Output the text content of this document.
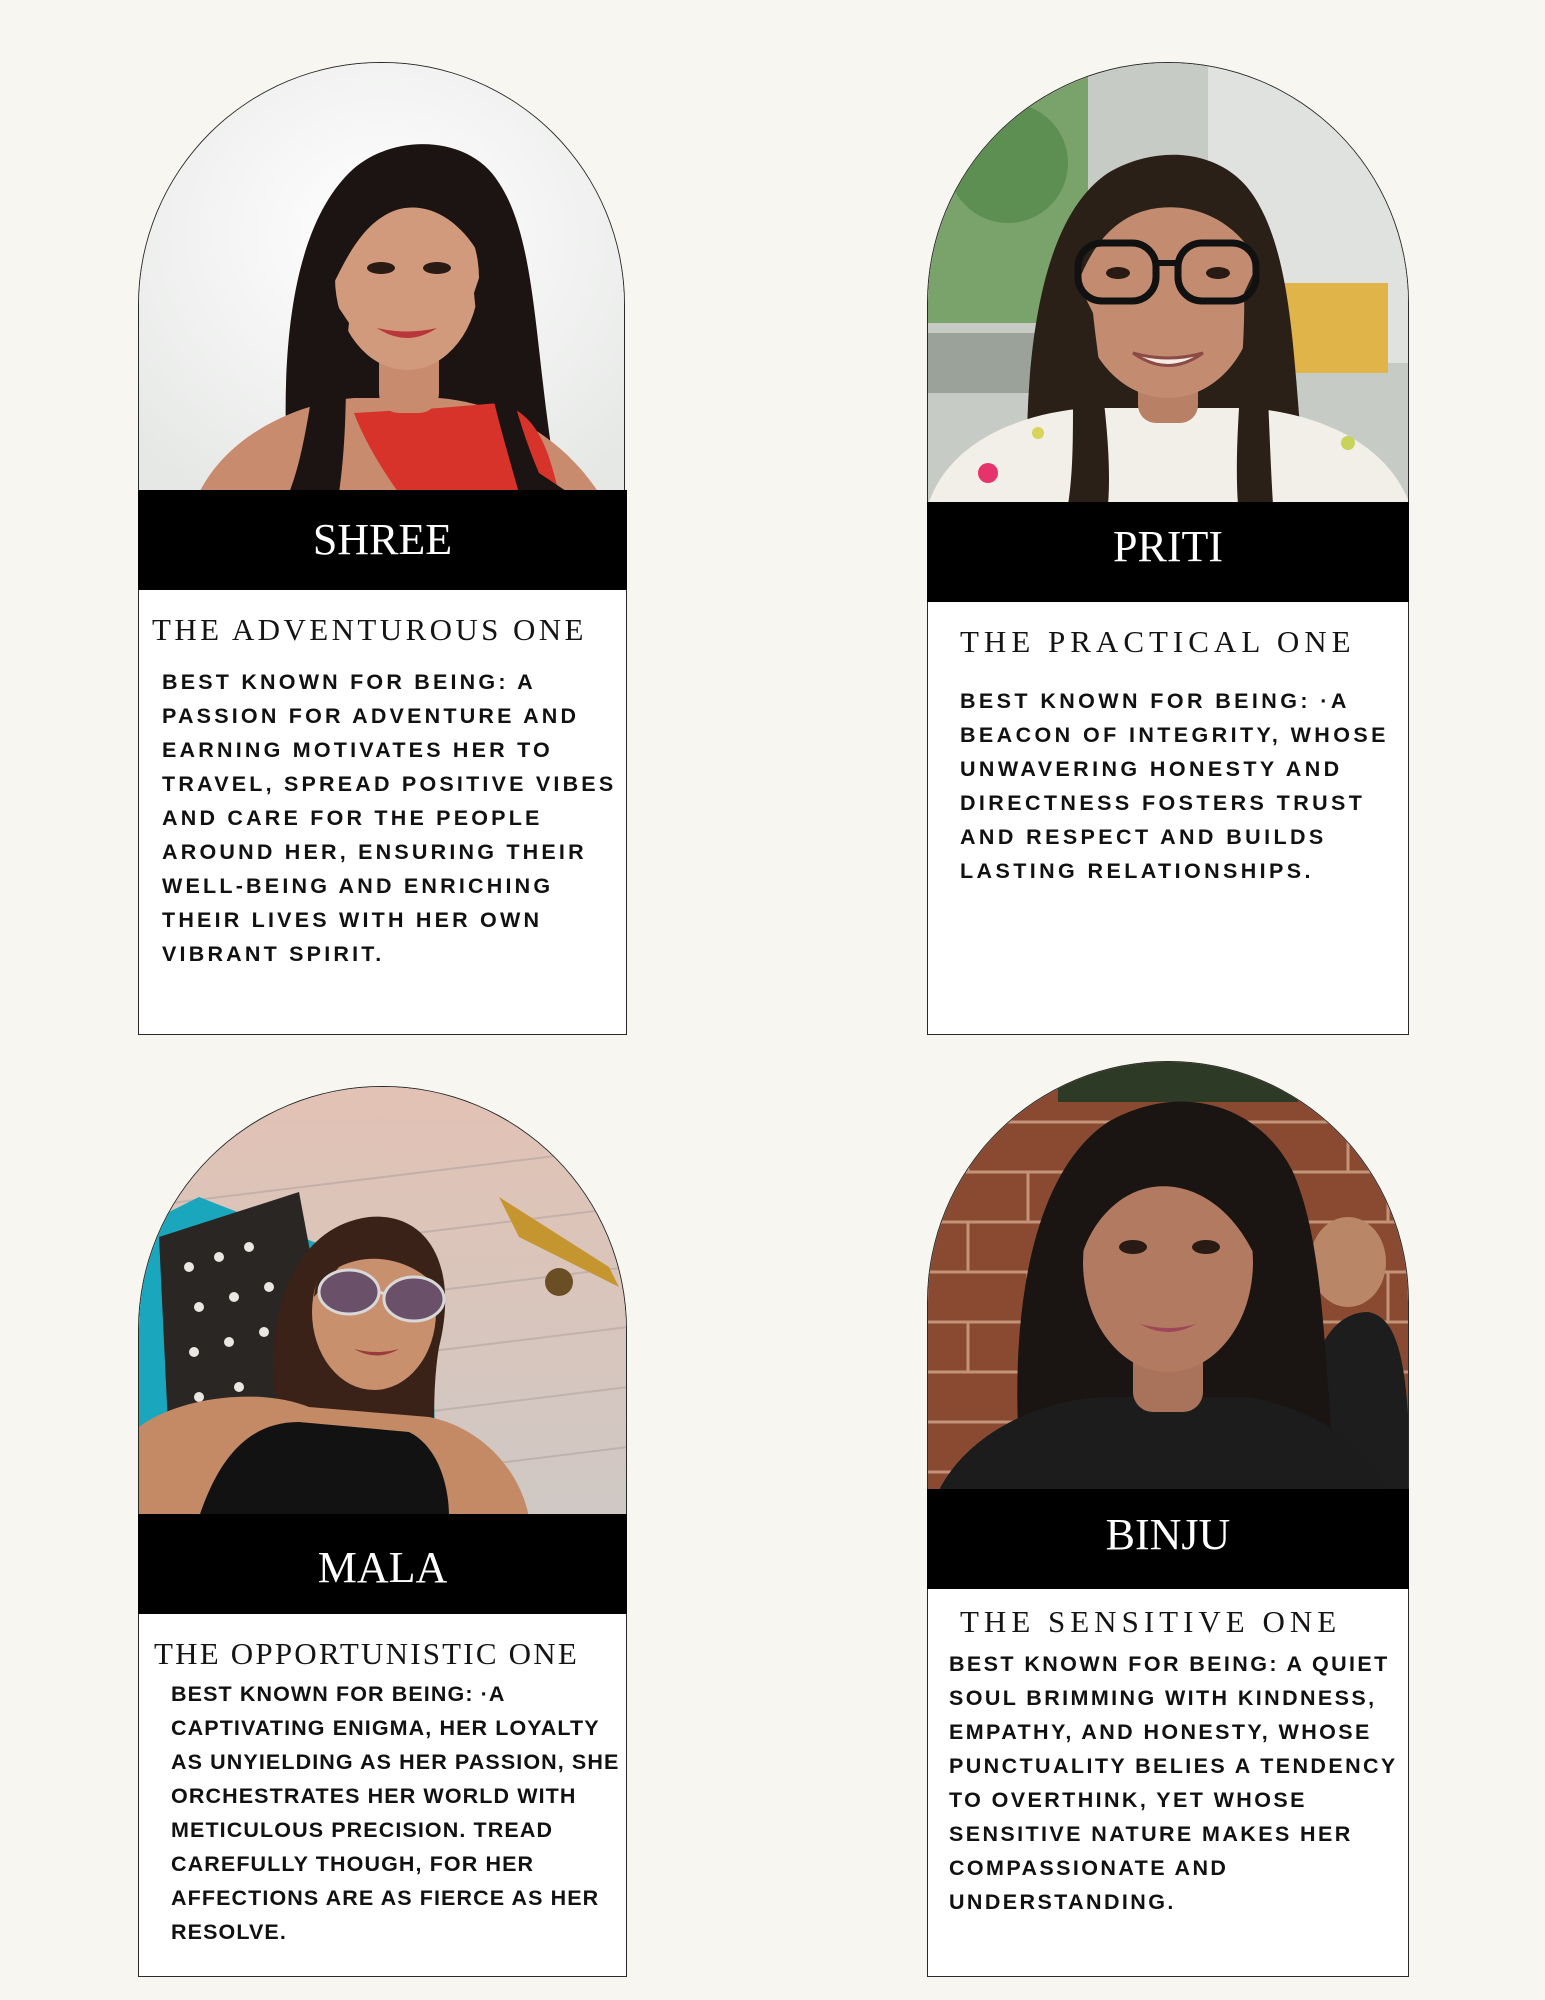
SHREE
THE ADVENTUROUS ONE

BEST KNOWN FOR BEING: A PASSION FOR ADVENTURE AND EARNING MOTIVATES HER TO TRAVEL, SPREAD POSITIVE VIBES AND CARE FOR THE PEOPLE AROUND HER, ENSURING THEIR WELL-BEING AND ENRICHING THEIR LIVES WITH HER OWN VIBRANT SPIRIT.

PRITI
THE PRACTICAL ONE

BEST KNOWN FOR BEING: ·A BEACON OF INTEGRITY, WHOSE UNWAVERING HONESTY AND DIRECTNESS FOSTERS TRUST AND RESPECT AND BUILDS LASTING RELATIONSHIPS.

MALA
THE OPPORTUNISTIC ONE

BEST KNOWN FOR BEING: ·A CAPTIVATING ENIGMA, HER LOYALTY AS UNYIELDING AS HER PASSION, SHE ORCHESTRATES HER WORLD WITH METICULOUS PRECISION. TREAD CAREFULLY THOUGH, FOR HER AFFECTIONS ARE AS FIERCE AS HER RESOLVE.

BINJU
THE SENSITIVE ONE

BEST KNOWN FOR BEING: A QUIET SOUL BRIMMING WITH KINDNESS, EMPATHY, AND HONESTY, WHOSE PUNCTUALITY BELIES A TENDENCY TO OVERTHINK, YET WHOSE SENSITIVE NATURE MAKES HER COMPASSIONATE AND UNDERSTANDING.
